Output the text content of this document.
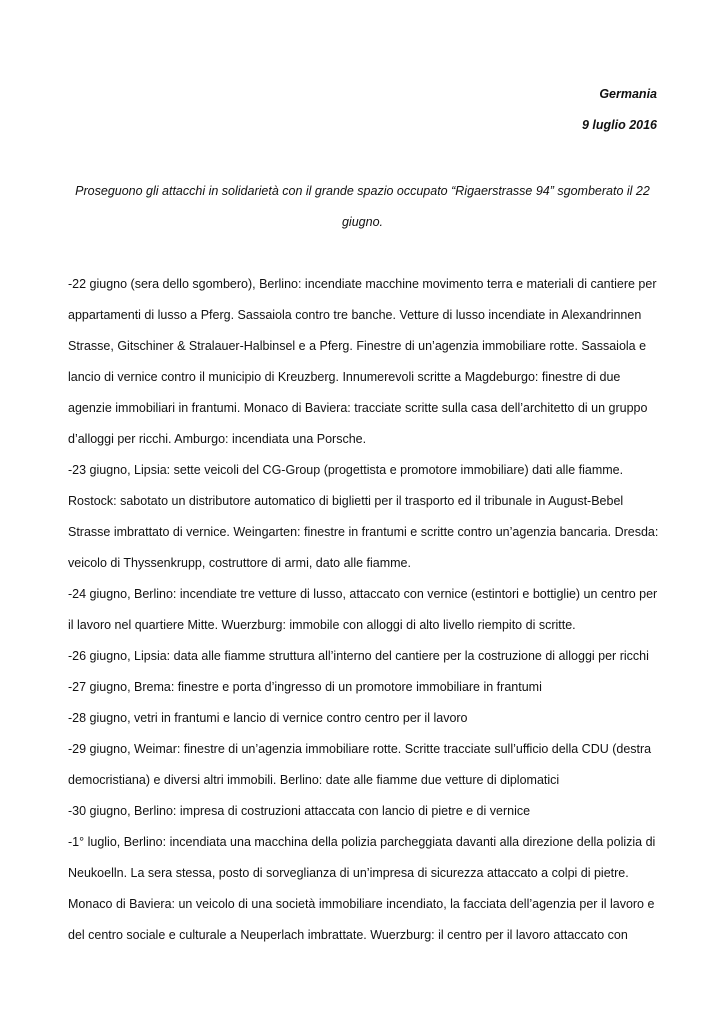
Germania
9 luglio 2016
Proseguono gli attacchi in solidarietà con il grande spazio occupato “Rigaerstrasse 94” sgomberato il 22 giugno.

-22 giugno (sera dello sgombero), Berlino: incendiate macchine movimento terra e materiali di cantiere per appartamenti di lusso a Pferg. Sassaiola contro tre banche. Vetture di lusso incendiate in Alexandrinnen Strasse, Gitschiner & Stralauer-Halbinsel e a Pferg. Finestre di un’agenzia immobiliare rotte. Sassaiola e lancio di vernice contro il municipio di Kreuzberg. Innumerevoli scritte a Magdeburgo: finestre di due agenzie immobiliari in frantumi. Monaco di Baviera: tracciate scritte sulla casa dell’architetto di un gruppo d’alloggi per ricchi. Amburgo: incendiata una Porsche.

-23 giugno, Lipsia: sette veicoli del CG-Group (progettista e promotore immobiliare) dati alle fiamme. Rostock: sabotato un distributore automatico di biglietti per il trasporto ed il tribunale in August-Bebel Strasse imbrattato di vernice. Weingarten: finestre in frantumi e scritte contro un’agenzia bancaria. Dresda: veicolo di Thyssenkrupp, costruttore di armi, dato alle fiamme.

-24 giugno, Berlino: incendiate tre vetture di lusso, attaccato con vernice (estintori e bottiglie) un centro per il lavoro nel quartiere Mitte. Wuerzburg: immobile con alloggi di alto livello riempito di scritte.

-26 giugno, Lipsia: data alle fiamme struttura all’interno del cantiere per la costruzione di alloggi per ricchi

-27 giugno, Brema: finestre e porta d’ingresso di un promotore immobiliare in frantumi

-28 giugno, vetri in frantumi e lancio di vernice contro centro per il lavoro

-29 giugno, Weimar: finestre di un’agenzia immobiliare rotte. Scritte tracciate sull’ufficio della CDU (destra democristiana) e diversi altri immobili. Berlino: date alle fiamme due vetture di diplomatici

-30 giugno, Berlino: impresa di costruzioni attaccata con lancio di pietre e di vernice

-1° luglio, Berlino: incendiata una macchina della polizia parcheggiata davanti alla direzione della polizia di Neukoelln. La sera stessa, posto di sorveglianza di un’impresa di sicurezza attaccato a colpi di pietre. Monaco di Baviera: un veicolo di una società immobiliare incendiato, la facciata dell’agenzia per il lavoro e del centro sociale e culturale a Neuperlach imbrattate. Wuerzburg: il centro per il lavoro attaccato con
